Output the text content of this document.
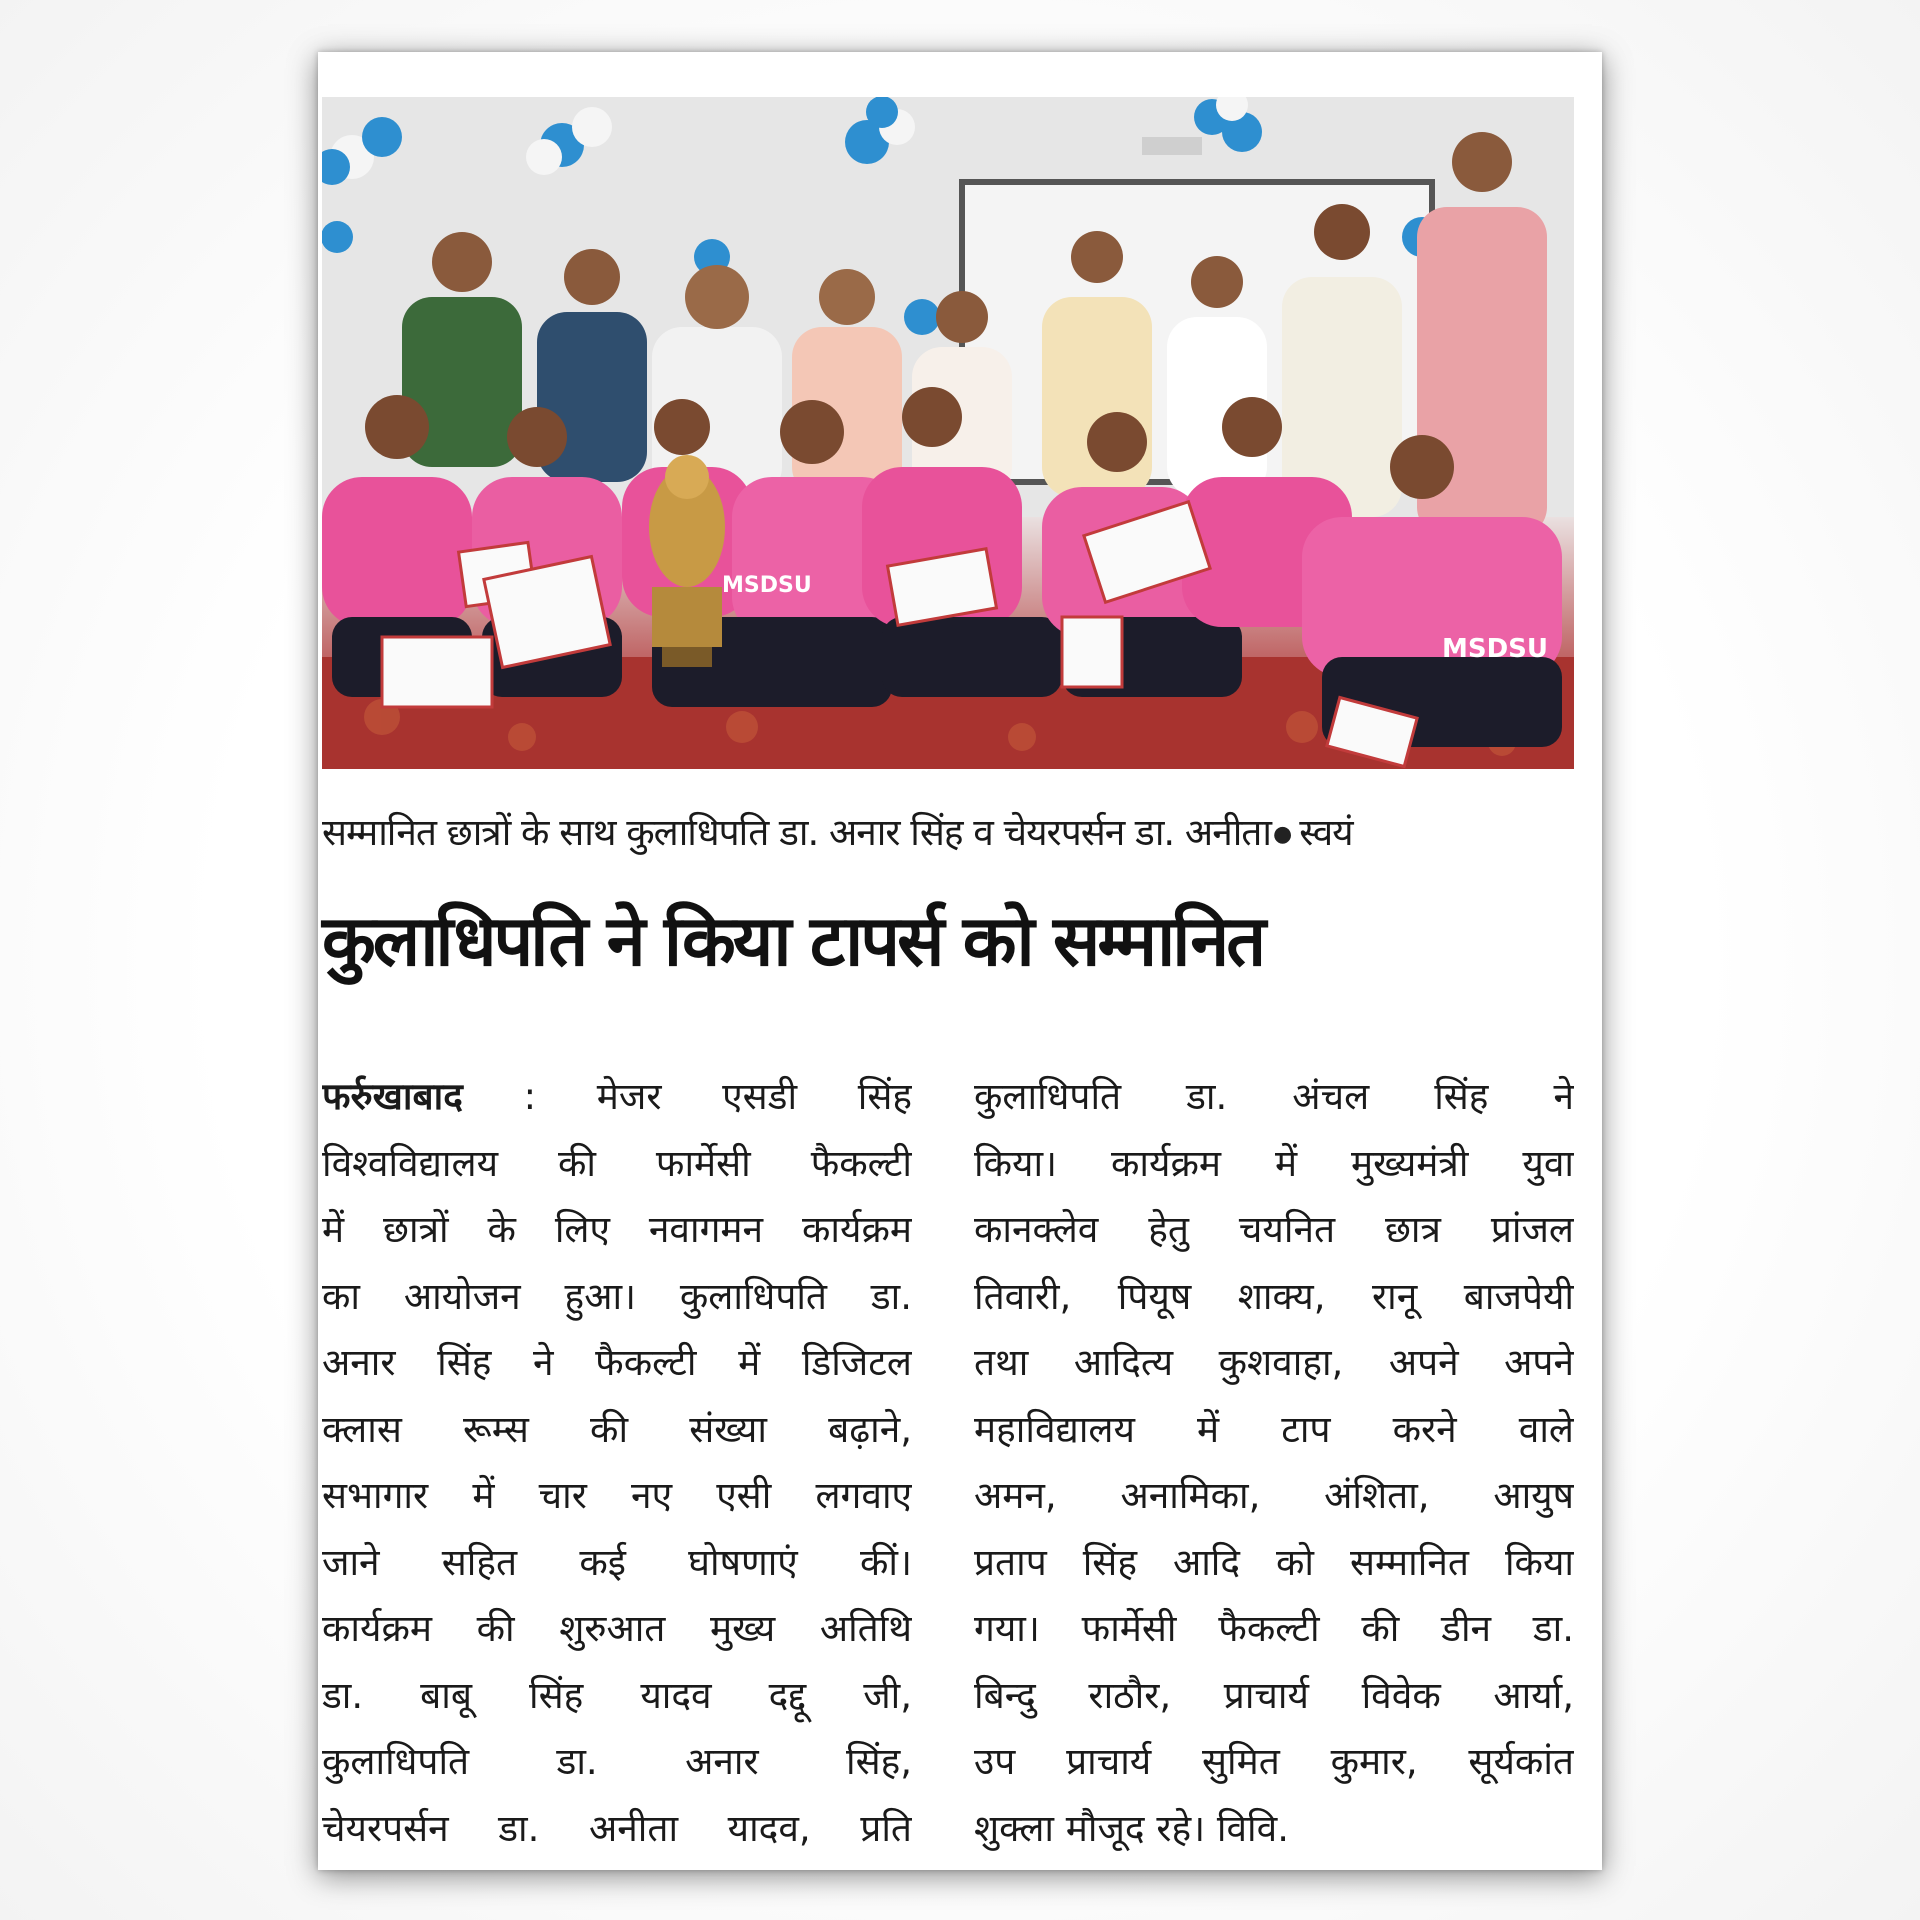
MSDSU
MSDSU
सम्मानित छात्रों के साथ कुलाधिपति डा. अनार सिंह व चेयरपर्सन डा. अनीता● स्वयं
कुलाधिपति ने किया टापर्स को सम्मानित
फर्रुखाबाद : मेजर एसडी सिंह
विश्वविद्यालय की फार्मेसी फैकल्टी
में छात्रों के लिए नवागमन कार्यक्रम
का आयोजन हुआ। कुलाधिपति डा.
अनार सिंह ने फैकल्टी में डिजिटल
क्लास रूम्स की संख्या बढ़ाने,
सभागार में चार नए एसी लगवाए
जाने सहित कई घोषणाएं कीं।
कार्यक्रम की शुरुआत मुख्य अतिथि
डा. बाबू सिंह यादव दद्दू जी,
कुलाधिपति डा. अनार सिंह,
चेयरपर्सन डा. अनीता यादव, प्रति
कुलाधिपति डा. अंचल सिंह ने
किया। कार्यक्रम में मुख्यमंत्री युवा
कानक्लेव हेतु चयनित छात्र प्रांजल
तिवारी, पियूष शाक्य, रानू बाजपेयी
तथा आदित्य कुशवाहा, अपने अपने
महाविद्यालय में टाप करने वाले
अमन, अनामिका, अंशिता, आयुष
प्रताप सिंह आदि को सम्मानित किया
गया। फार्मेसी फैकल्टी की डीन डा.
बिन्दु राठौर, प्राचार्य विवेक आर्या,
उप प्राचार्य सुमित कुमार, सूर्यकांत
शुक्ला मौजूद रहे। विवि.
